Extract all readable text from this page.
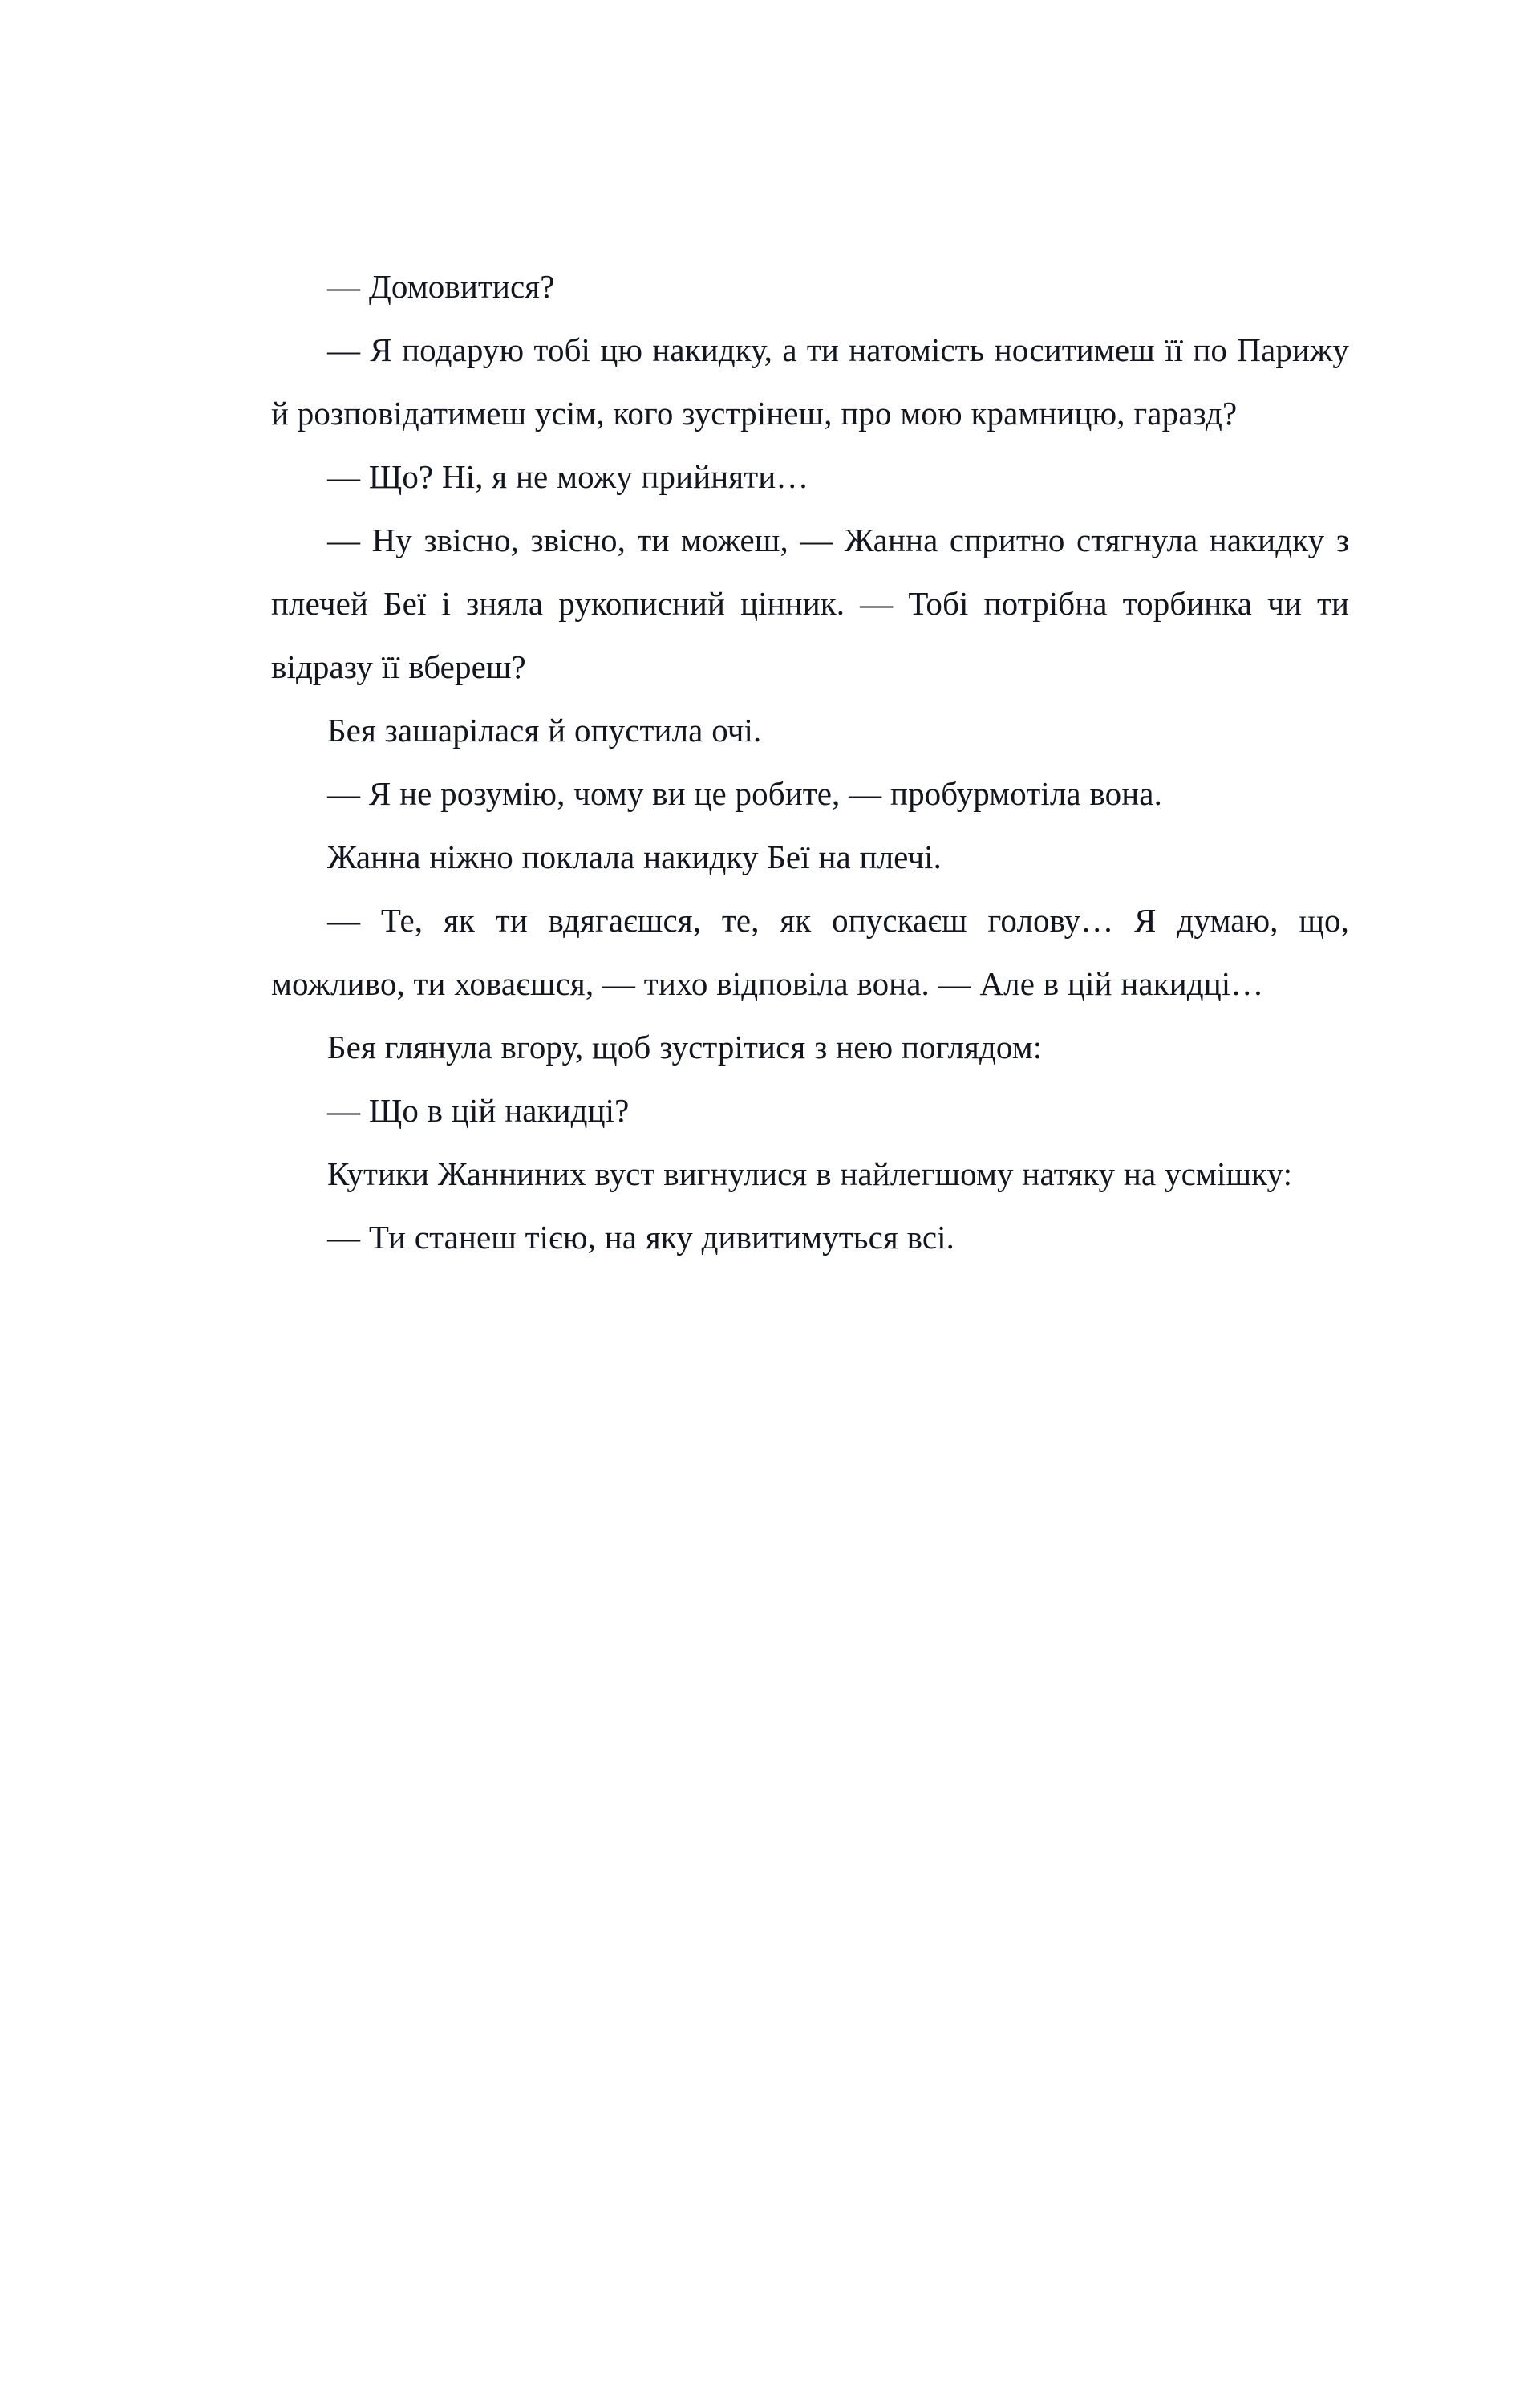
— Домовитися?

— Я подарую тобі цю накидку, а ти натомість носитимеш її по Парижу й розповідатимеш усім, кого зустрінеш, про мою крамницю, гаразд?

— Що? Ні, я не можу прийняти…

— Ну звісно, звісно, ти можеш, — Жанна спритно стягнула накидку з плечей Беї і зняла рукописний цінник. — Тобі потрібна торбинка чи ти відразу її вбереш?

Бея зашарілася й опустила очі.

— Я не розумію, чому ви це робите, — пробурмотіла вона.

Жанна ніжно поклала накидку Беї на плечі.

— Те, як ти вдягаєшся, те, як опускаєш голову… Я думаю, що, можливо, ти ховаєшся, — тихо відповіла вона. — Але в цій накидці…

Бея глянула вгору, щоб зустрітися з нею поглядом:

— Що в цій накидці?

Кутики Жанниних вуст вигнулися в найлегшому натяку на усмішку:

— Ти станеш тією, на яку дивитимуться всі.
